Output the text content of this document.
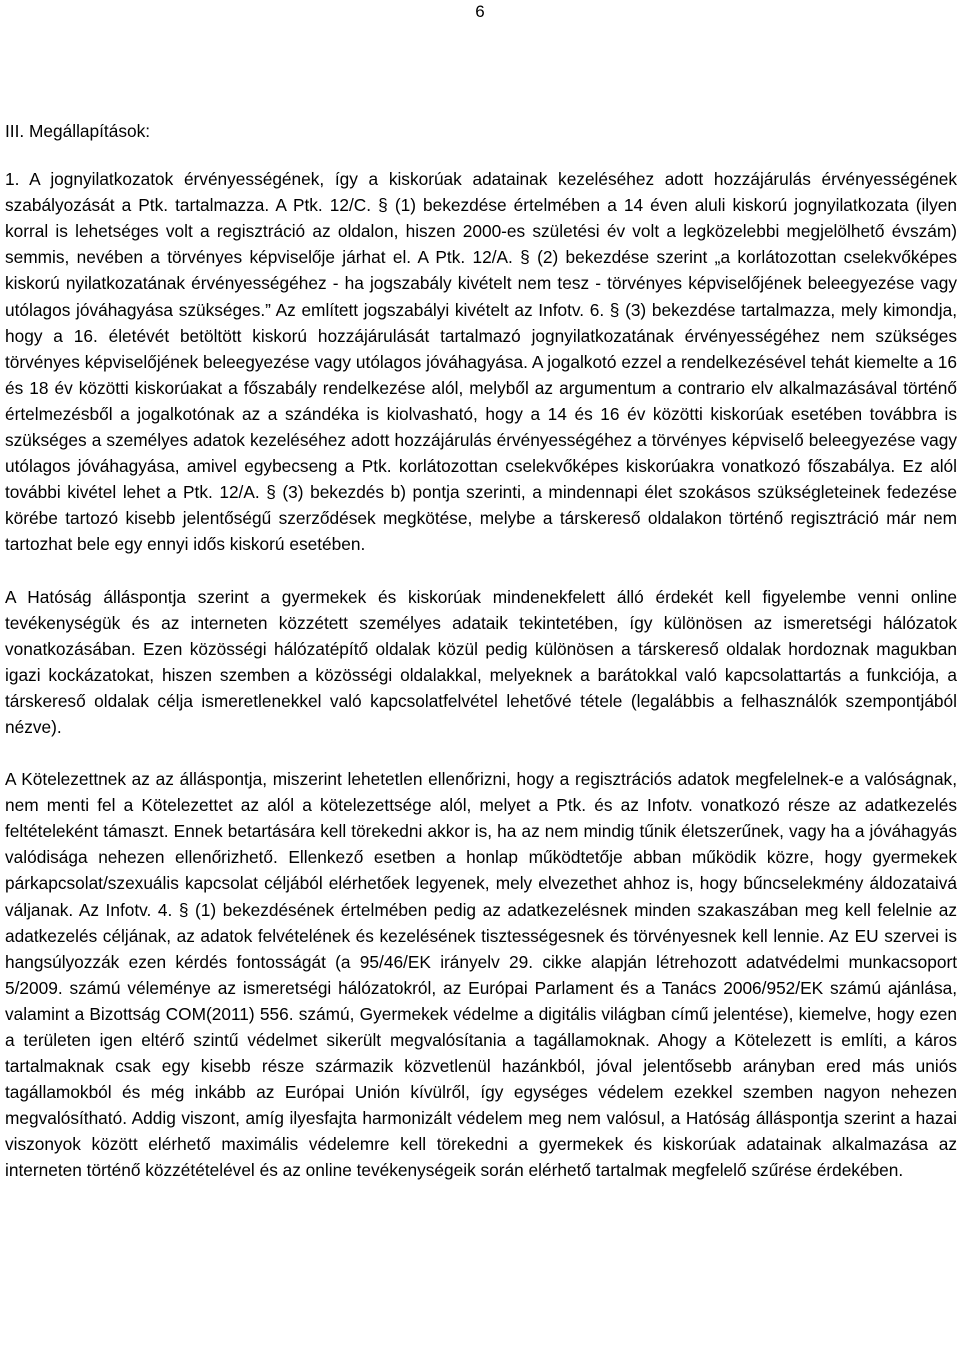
6

III. Megállapítások:

1. A jognyilatkozatok érvényességének, így a kiskorúak adatainak kezeléséhez adott hozzájárulás érvényességének szabályozását a Ptk. tartalmazza. A Ptk. 12/C. § (1) bekezdése értelmében a 14 éven aluli kiskorú jognyilatkozata (ilyen korral is lehetséges volt a regisztráció az oldalon, hiszen 2000-es születési év volt a legközelebbi megjelölhető évszám) semmis, nevében a törvényes képviselője járhat el. A Ptk. 12/A. § (2) bekezdése szerint „a korlátozottan cselekvőképes kiskorú nyilatkozatának érvényességéhez - ha jogszabály kivételt nem tesz - törvényes képviselőjének beleegyezése vagy utólagos jóváhagyása szükséges.” Az említett jogszabályi kivételt az Infotv. 6. § (3) bekezdése tartalmazza, mely kimondja, hogy a 16. életévét betöltött kiskorú hozzájárulását tartalmazó jognyilatkozatának érvényességéhez nem szükséges törvényes képviselőjének beleegyezése vagy utólagos jóváhagyása. A jogalkotó ezzel a rendelkezésével tehát kiemelte a 16 és 18 év közötti kiskorúakat a főszabály rendelkezése alól, melyből az argumentum a contrario elv alkalmazásával történő értelmezésből a jogalkotónak az a szándéka is kiolvasható, hogy a 14 és 16 év közötti kiskorúak esetében továbbra is szükséges a személyes adatok kezeléséhez adott hozzájárulás érvényességéhez a törvényes képviselő beleegyezése vagy utólagos jóváhagyása, amivel egybecseng a Ptk. korlátozottan cselekvőképes kiskorúakra vonatkozó főszabálya. Ez alól további kivétel lehet a Ptk. 12/A. § (3) bekezdés b) pontja szerinti, a mindennapi élet szokásos szükségleteinek fedezése körébe tartozó kisebb jelentőségű szerződések megkötése, melybe a társkereső oldalakon történő regisztráció már nem tartozhat bele egy ennyi idős kiskorú esetében.

A Hatóság álláspontja szerint a gyermekek és kiskorúak mindenekfelett álló érdekét kell figyelembe venni online tevékenységük és az interneten közzétett személyes adataik tekintetében, így különösen az ismeretségi hálózatok vonatkozásában. Ezen közösségi hálózatépítő oldalak közül pedig különösen a társkereső oldalak hordoznak magukban igazi kockázatokat, hiszen szemben a közösségi oldalakkal, melyeknek a barátokkal való kapcsolattartás a funkciója, a társkereső oldalak célja ismeretlenekkel való kapcsolatfelvétel lehetővé tétele (legalábbis a felhasználók szempontjából nézve).

A Kötelezettnek az az álláspontja, miszerint lehetetlen ellenőrizni, hogy a regisztrációs adatok megfelelnek-e a valóságnak, nem menti fel a Kötelezettet az alól a kötelezettsége alól, melyet a Ptk. és az Infotv. vonatkozó része az adatkezelés feltételeként támaszt. Ennek betartására kell törekedni akkor is, ha az nem mindig tűnik életszerűnek, vagy ha a jóváhagyás valódisága nehezen ellenőrizhető. Ellenkező esetben a honlap működtetője abban működik közre, hogy gyermekek párkapcsolat/szexuális kapcsolat céljából elérhetőek legyenek, mely elvezethet ahhoz is, hogy bűncselekmény áldozataivá váljanak. Az Infotv. 4. § (1) bekezdésének értelmében pedig az adatkezelésnek minden szakaszában meg kell felelnie az adatkezelés céljának, az adatok felvételének és kezelésének tisztességesnek és törvényesnek kell lennie. Az EU szervei is hangsúlyozzák ezen kérdés fontosságát (a 95/46/EK irányelv 29. cikke alapján létrehozott adatvédelmi munkacsoport 5/2009. számú véleménye az ismeretségi hálózatokról, az Európai Parlament és a Tanács 2006/952/EK számú ajánlása, valamint a Bizottság COM(2011) 556. számú, Gyermekek védelme a digitális világban című jelentése), kiemelve, hogy ezen a területen igen eltérő szintű védelmet sikerült megvalósítania a tagállamoknak. Ahogy a Kötelezett is említi, a káros tartalmaknak csak egy kisebb része származik közvetlenül hazánkból, jóval jelentősebb arányban ered más uniós tagállamokból és még inkább az Európai Unión kívülről, így egységes védelem ezekkel szemben nagyon nehezen megvalósítható. Addig viszont, amíg ilyesfajta harmonizált védelem meg nem valósul, a Hatóság álláspontja szerint a hazai viszonyok között elérhető maximális védelemre kell törekedni a gyermekek és kiskorúak adatainak alkalmazása az interneten történő közzétételével és az online tevékenységeik során elérhető tartalmak megfelelő szűrése érdekében.
